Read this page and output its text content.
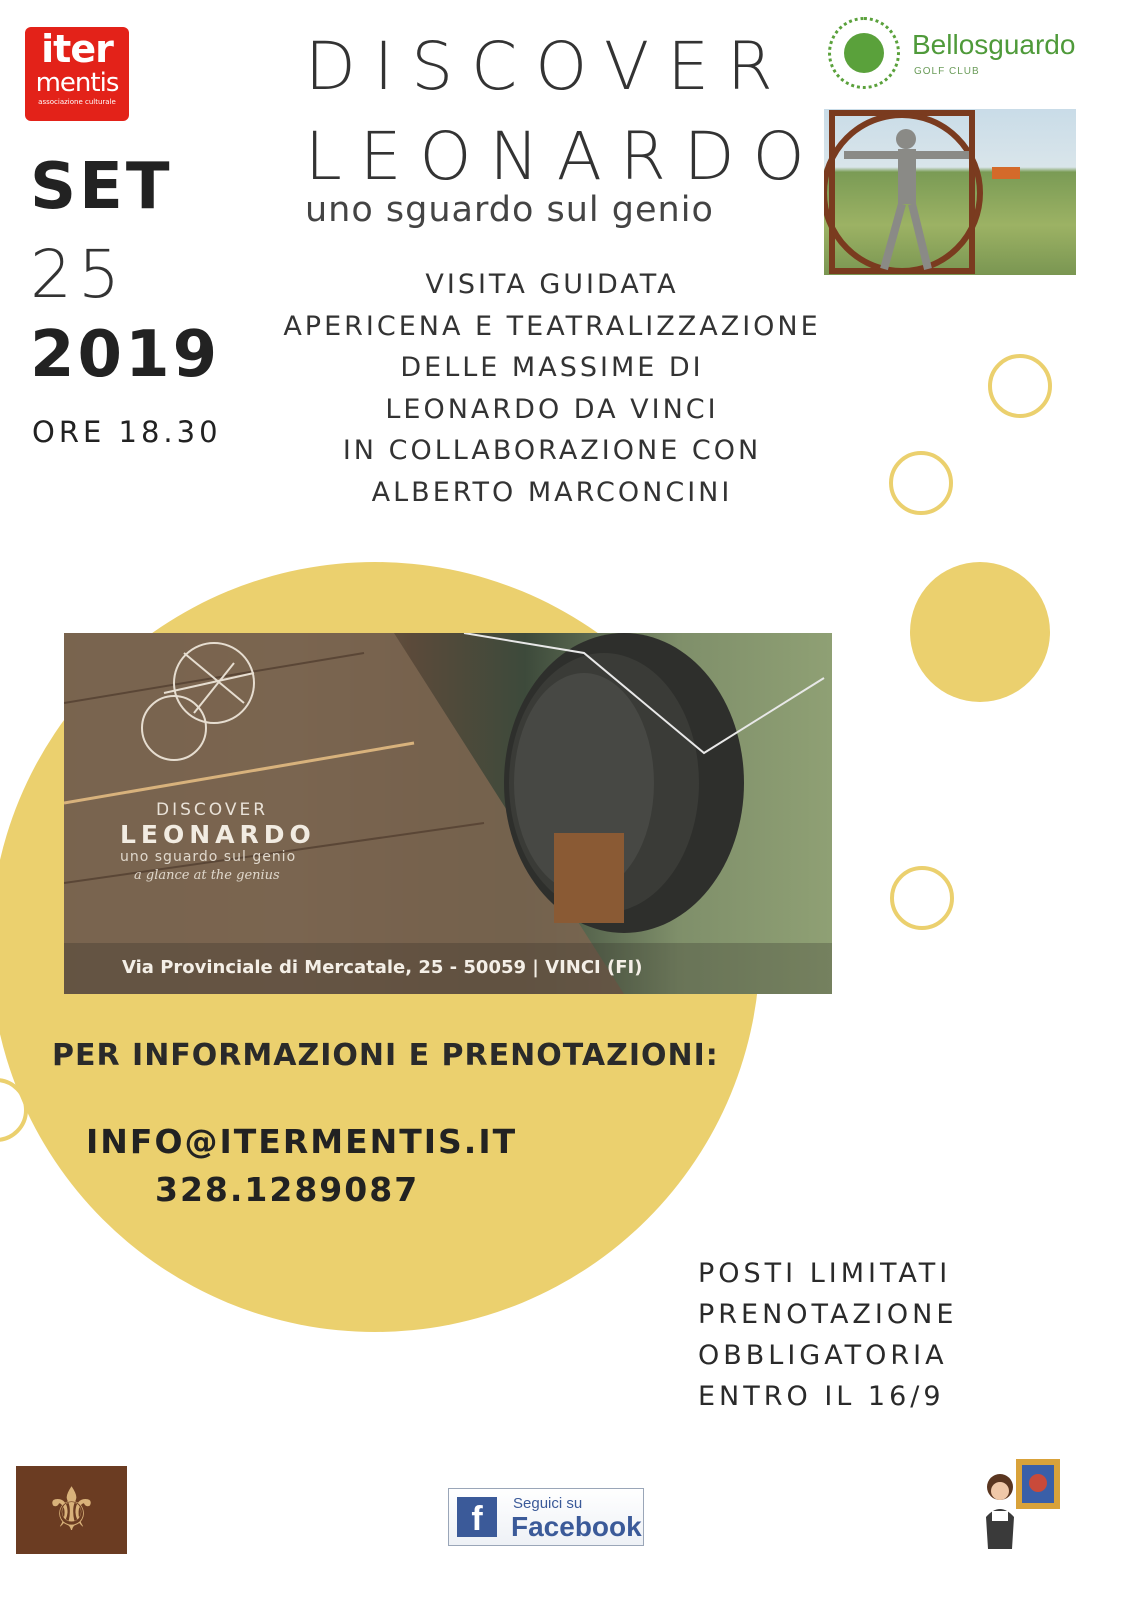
iter
mentis
associazione culturale
SET
25
2019
ORE 18.30
DISCOVER
LEONARDO
uno sguardo sul genio
VISITA GUIDATA
APERICENA E TEATRALIZZAZIONE
DELLE MASSIME DI
LEONARDO DA VINCI
IN COLLABORAZIONE CON
ALBERTO MARCONCINI
Bellosguardo
GOLF CLUB
DISCOVER
LEONARDO
uno sguardo sul genio
a glance at the genius
Via Provinciale di Mercatale, 25 - 50059 | VINCI (FI)
PER INFORMAZIONI E PRENOTAZIONI:
INFO@ITERMENTIS.IT
328.1289087
POSTI LIMITATI
PRENOTAZIONE
OBBLIGATORIA
ENTRO IL 16/9
⚜	f	Seguici su
Facebook
